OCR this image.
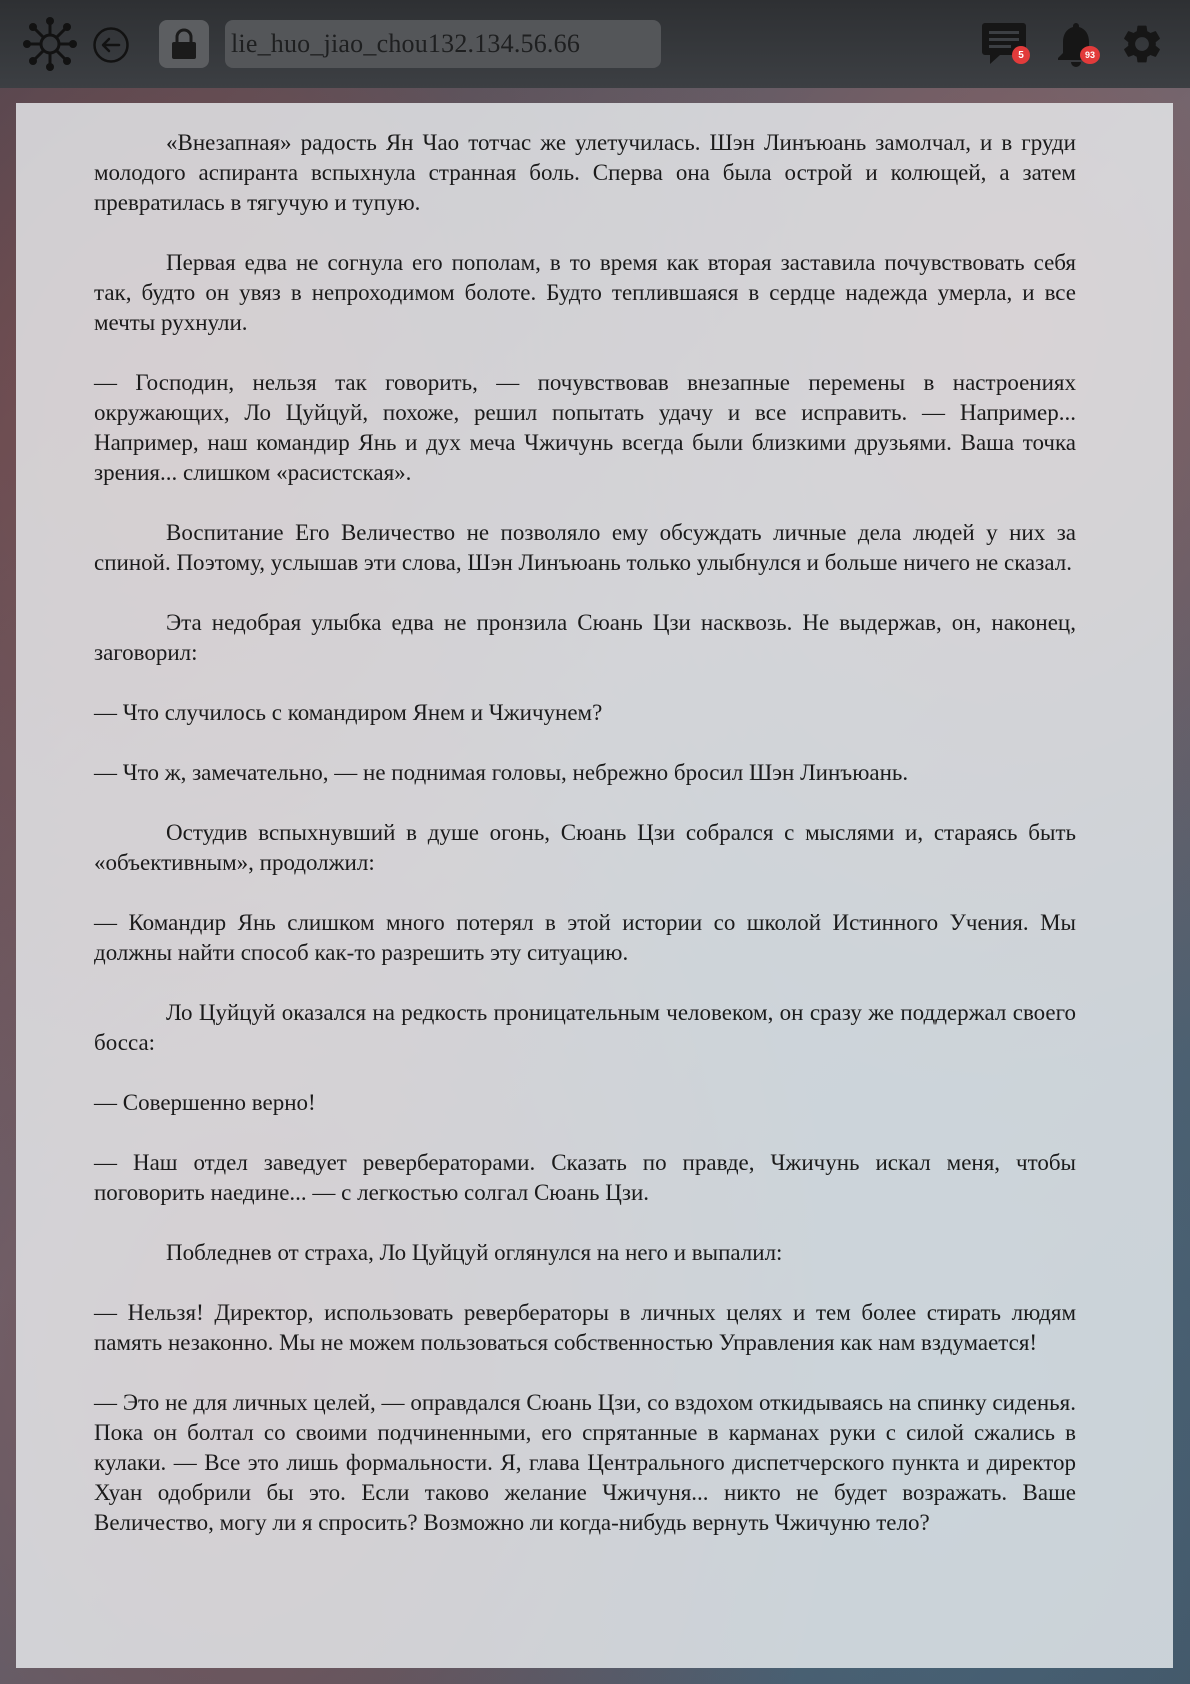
lie_huo_jiao_chou132.134.56.66	5	93

«Внезапная» радость Ян Чао тотчас же улетучилась. Шэн Линъюань замолчал, и в груди молодого аспиранта вспыхнула странная боль. Сперва она была острой и колющей, а затем превратилась в тягучую и тупую.

Первая едва не согнула его пополам, в то время как вторая заставила почувствовать себя так, будто он увяз в непроходимом болоте. Будто теплившаяся в сердце надежда умерла, и все мечты рухнули.

— Господин, нельзя так говорить, — почувствовав внезапные перемены в настроениях окружающих, Ло Цуйцуй, похоже, решил попытать удачу и все исправить. — Например... Например, наш командир Янь и дух меча Чжичунь всегда были близкими друзьями. Ваша точка зрения... слишком «расистская».

Воспитание Его Величество не позволяло ему обсуждать личные дела людей у них за спиной. Поэтому, услышав эти слова, Шэн Линъюань только улыбнулся и больше ничего не сказал.

Эта недобрая улыбка едва не пронзила Сюань Цзи насквозь. Не выдержав, он, наконец, заговорил:

— Что случилось с командиром Янем и Чжичунем?

— Что ж, замечательно, — не поднимая головы, небрежно бросил Шэн Линъюань.

Остудив вспыхнувший в душе огонь, Сюань Цзи собрался с мыслями и, стараясь быть «объективным», продолжил:

— Командир Янь слишком много потерял в этой истории со школой Истинного Учения. Мы должны найти способ как-то разрешить эту ситуацию.

Ло Цуйцуй оказался на редкость проницательным человеком, он сразу же поддержал своего босса:

— Совершенно верно!

— Наш отдел заведует ревербераторами. Сказать по правде, Чжичунь искал меня, чтобы поговорить наедине... — с легкостью солгал Сюань Цзи.

Побледнев от страха, Ло Цуйцуй оглянулся на него и выпалил:

— Нельзя! Директор, использовать ревербераторы в личных целях и тем более стирать людям память незаконно. Мы не можем пользоваться собственностью Управления как нам вздумается!

— Это не для личных целей, — оправдался Сюань Цзи, со вздохом откидываясь на спинку сиденья. Пока он болтал со своими подчиненными, его спрятанные в карманах руки с силой сжались в кулаки. — Все это лишь формальности. Я, глава Центрального диспетчерского пункта и директор Хуан одобрили бы это. Если таково желание Чжичуня... никто не будет возражать. Ваше Величество, могу ли я спросить? Возможно ли когда-нибудь вернуть Чжичуню тело?
